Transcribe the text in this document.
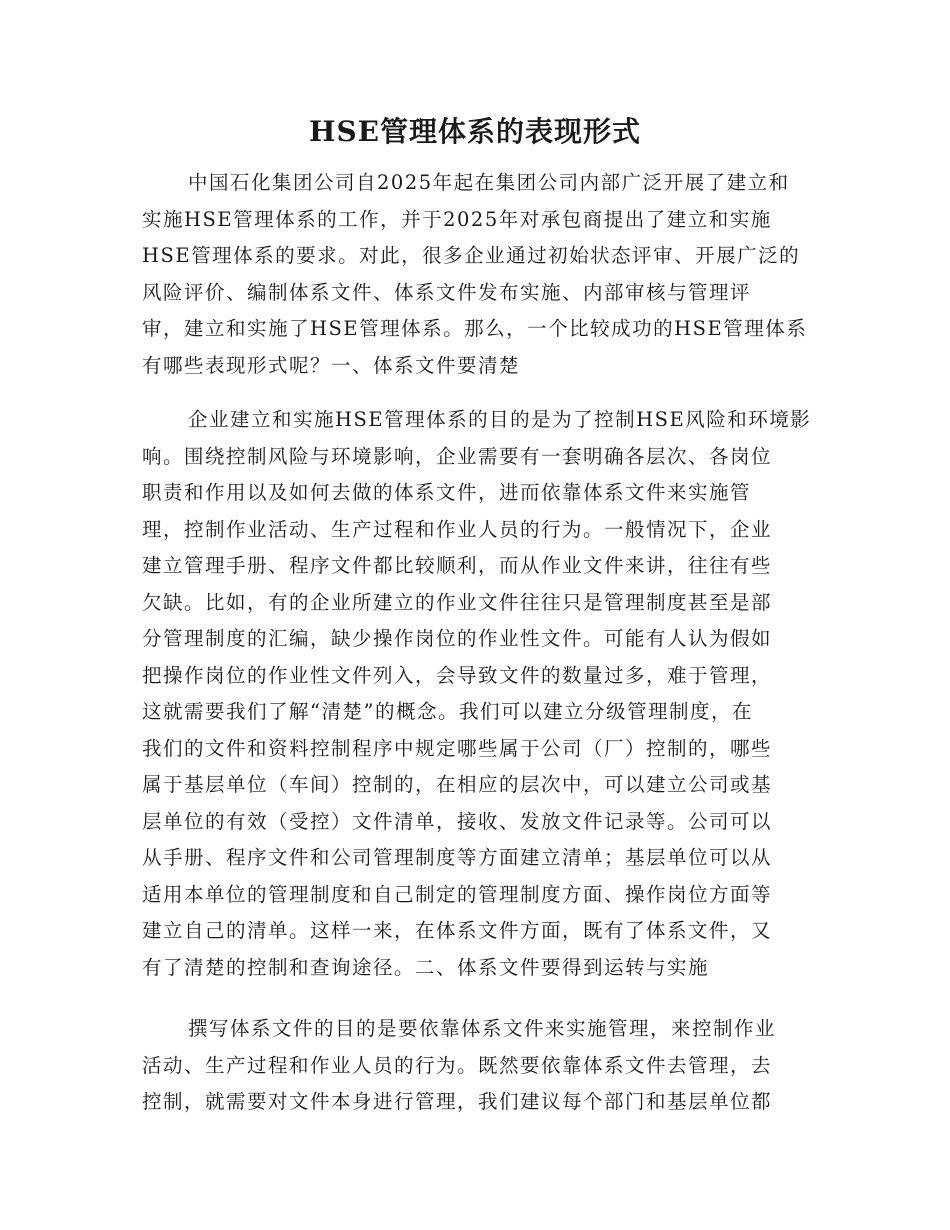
HSE管理体系的表现形式
中国石化集团公司自2025年起在集团公司内部广泛开展了建立和
实施HSE管理体系的工作，并于2025年对承包商提出了建立和实施
HSE管理体系的要求。对此，很多企业通过初始状态评审、开展广泛的
风险评价、编制体系文件、体系文件发布实施、内部审核与管理评
审，建立和实施了HSE管理体系。那么，一个比较成功的HSE管理体系
有哪些表现形式呢？一、体系文件要清楚
企业建立和实施HSE管理体系的目的是为了控制HSE风险和环境影
响。围绕控制风险与环境影响，企业需要有一套明确各层次、各岗位
职责和作用以及如何去做的体系文件，进而依靠体系文件来实施管
理，控制作业活动、生产过程和作业人员的行为。一般情况下，企业
建立管理手册、程序文件都比较顺利，而从作业文件来讲，往往有些
欠缺。比如，有的企业所建立的作业文件往往只是管理制度甚至是部
分管理制度的汇编，缺少操作岗位的作业性文件。可能有人认为假如
把操作岗位的作业性文件列入，会导致文件的数量过多，难于管理，
这就需要我们了解“清楚”的概念。我们可以建立分级管理制度，在
我们的文件和资料控制程序中规定哪些属于公司（厂）控制的，哪些
属于基层单位（车间）控制的，在相应的层次中，可以建立公司或基
层单位的有效（受控）文件清单，接收、发放文件记录等。公司可以
从手册、程序文件和公司管理制度等方面建立清单；基层单位可以从
适用本单位的管理制度和自己制定的管理制度方面、操作岗位方面等
建立自己的清单。这样一来，在体系文件方面，既有了体系文件，又
有了清楚的控制和查询途径。二、体系文件要得到运转与实施
撰写体系文件的目的是要依靠体系文件来实施管理，来控制作业
活动、生产过程和作业人员的行为。既然要依靠体系文件去管理，去
控制，就需要对文件本身进行管理，我们建议每个部门和基层单位都
